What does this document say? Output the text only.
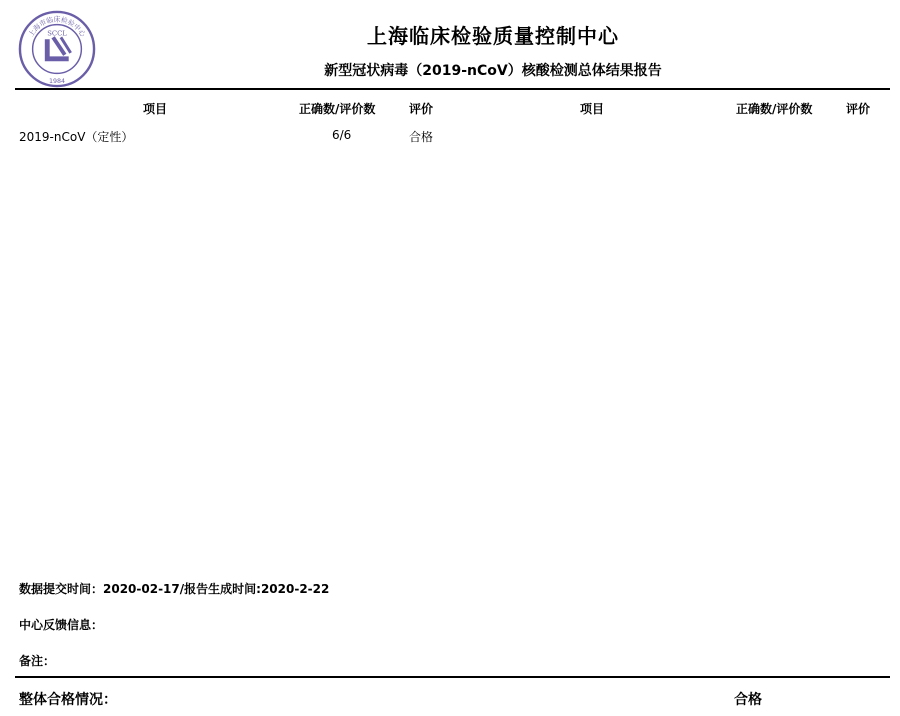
上海市临床检验中心
SCCL
1984
上海临床检验质量控制中心
新型冠状病毒（2019-nCoV）核酸检测总体结果报告
项目	正确数/评价数	评价	项目	正确数/评价数	评价
2019-nCoV（定性）	6/6	合格
数据提交时间：2020-02-17/报告生成时间:2020-2-22
中心反馈信息：
备注：
整体合格情况：	合格
